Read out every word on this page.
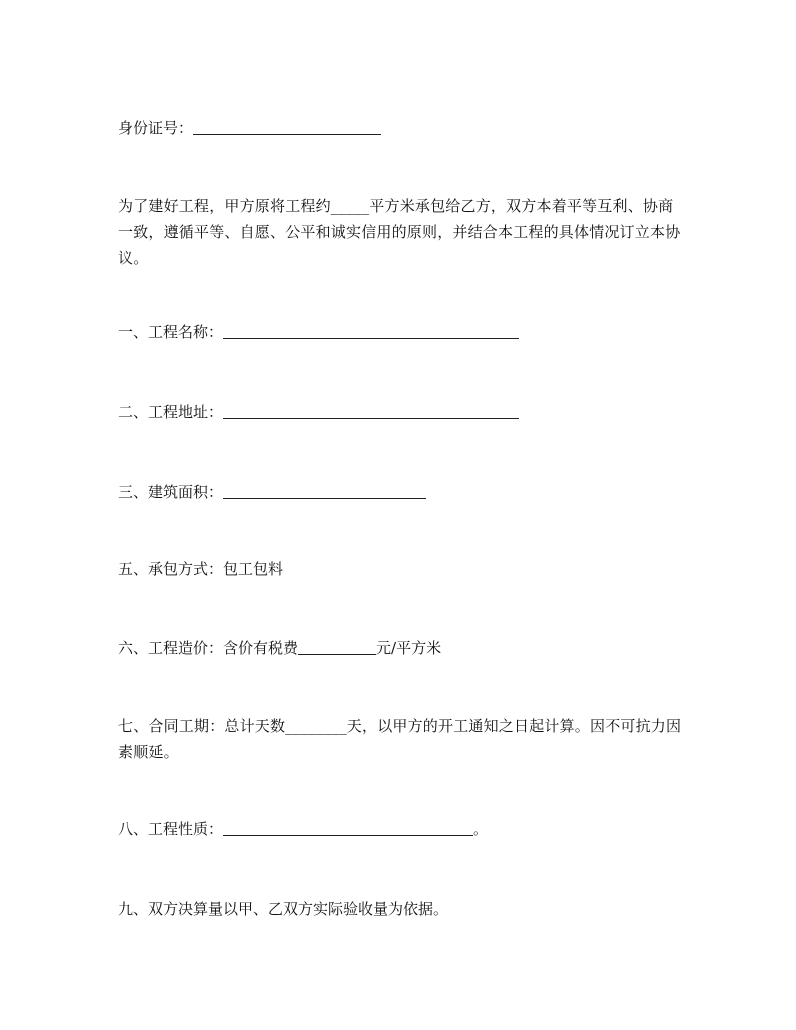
身份证号：
为了建好工程，甲方原将工程约_____平方米承包给乙方，双方本着平等互利、协商一致，遵循平等、自愿、公平和诚实信用的原则，并结合本工程的具体情况订立本协议。
一、工程名称：
二、工程地址：
三、建筑面积：
五、承包方式：包工包料
六、工程造价：含价有税费	元/平方米
七、合同工期：总计天数________天，以甲方的开工通知之日起计算。因不可抗力因素顺延。
八、工程性质：	。
九、双方决算量以甲、乙双方实际验收量为依据。
